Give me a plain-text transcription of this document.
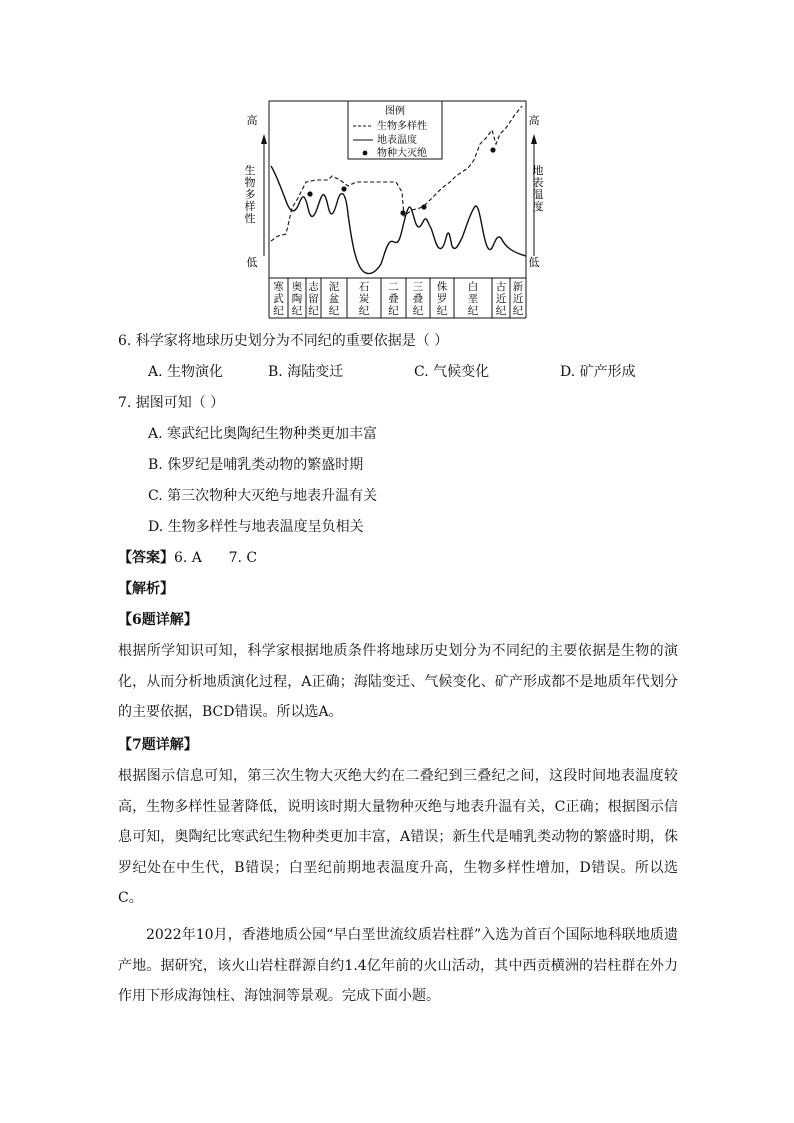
高
低
生
物
多
样
性
高
低
地
表
温
度
图例
生物多样性
地表温度
物种大灭绝
寒
武
纪
奥
陶
纪
志
留
纪
泥
盆
纪
石
炭
纪
二
叠
纪
三
叠
纪
侏
罗
纪
白
垩
纪
古
近
纪
新
近
纪
6. 科学家将地球历史划分为不同纪的重要依据是（ ）
A. 生物演化	B. 海陆变迁	C. 气候变化	D. 矿产形成
7. 据图可知（ ）
A. 寒武纪比奥陶纪生物种类更加丰富
B. 侏罗纪是哺乳类动物的繁盛时期
C. 第三次物种大灭绝与地表升温有关
D. 生物多样性与地表温度呈负相关
【答案】6. A      7. C
【解析】
【6题详解】
根据所学知识可知，科学家根据地质条件将地球历史划分为不同纪的主要依据是生物的演化，从而分析地质演化过程，A正确；海陆变迁、气候变化、矿产形成都不是地质年代划分的主要依据，BCD错误。所以选A。
【7题详解】
根据图示信息可知，第三次生物大灭绝大约在二叠纪到三叠纪之间，这段时间地表温度较高，生物多样性显著降低，说明该时期大量物种灭绝与地表升温有关，C正确；根据图示信息可知，奥陶纪比寒武纪生物种类更加丰富，A错误；新生代是哺乳类动物的繁盛时期，侏罗纪处在中生代，B错误；白垩纪前期地表温度升高，生物多样性增加，D错误。所以选C。
2022年10月，香港地质公园“早白垩世流纹质岩柱群”入选为首百个国际地科联地质遗产地。据研究，该火山岩柱群源自约1.4亿年前的火山活动，其中西贡横洲的岩柱群在外力作用下形成海蚀柱、海蚀洞等景观。完成下面小题。
